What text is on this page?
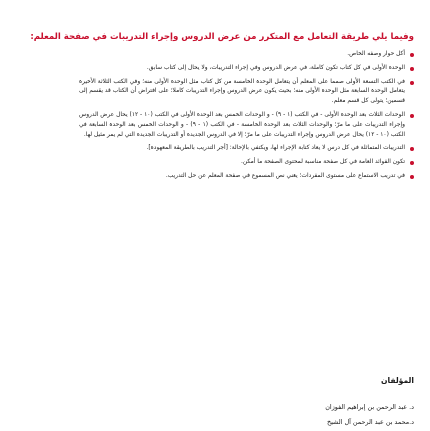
وفيما يلي طريقة التعامل مع المتكرر من عرض الدروس وإجراء التدريبات في صفحة المعلم:
أكل حوار وصفه الخاص.
الوحدة الأولى في كل كتاب تكون كاملة، في عرض الدروس وفي إجراء التدريبات، ولا يحال إلى كتاب سابق.
في الكتب التسعة الأولى صمما على المعلم أن يتعامل الوحدة الخامسة من كل كتاب مثل الوحدة الأولى منه؛ وفي الكتب الثلاثة الأخيرة يتعامل الوحدة السابعة مثل الوحدة الأولى منه؛ بحيث يكون عرض الدروس وإجراء التدريبات كاملا؛ على افتراض أن الكتاب قد يقسم إلى قسمين؛ يتولى كل قسم معلم.
الوحدات الثلاث بعد الوحدة الأولى - في الكتب (١ - ٩) - و الوحدات الخمس بعد الوحدة الأولى في الكتب (١٠ - ١٢) يحال عرض الدروس وإجراء التدريبات على ما مرّ؛ والوحدات الثلاث بعد الوحدة الخامسة - في الكتب (١ - ٩) - و الوحدات الخمس بعد الوحدة السابعة في الكتب (١٠ - ١٢) يحال عرض الدروس وإجراء التدريبات على ما مرّ؛ إلا في الدروس الجديدة أو التدريبات الجديدة التي لم يمر مثيل لها.
التدريبات المتماثلة في كل درس لا يعاد كتابة الإجراء لها، ويكتفي بالإحالة: [أجر التدريب بالطريقة المعهودة].
تكون الفوائد العامة في كل صفحة مناسبة لمحتوى الصفحة ما أمكن.
في تدريب الاستماع على مستوى المفردات؛ يغني نص المسموع في صفحة المعلم عن حل التدريب.
المؤلفان
د. عبد الرحمن بن إبراهيم الفوزان
د.محمد بن عبد الرحمن آل الشيخ
